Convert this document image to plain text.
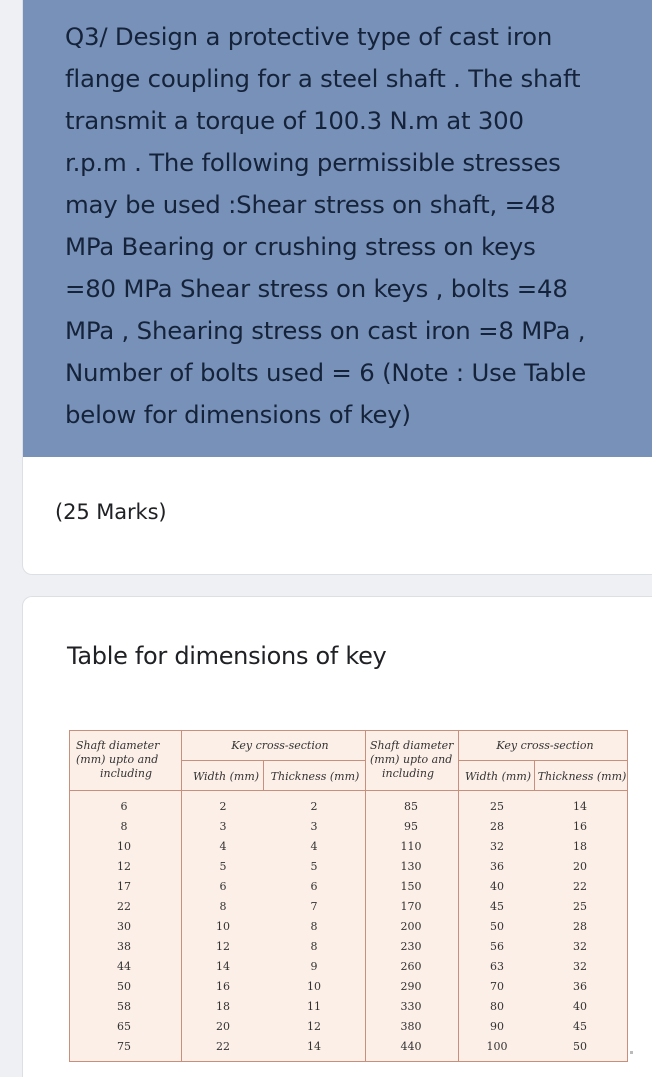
Q3/ Design a protective type of cast iron
flange coupling for a steel shaft . The shaft
transmit a torque of 100.3 N.m at 300
r.p.m . The following permissible stresses
may be used :Shear stress on shaft, =48
MPa Bearing or crushing stress on keys
=80 MPa Shear stress on keys , bolts =48
MPa , Shearing stress on cast iron =8 MPa ,
Number of bolts used = 6 (Note : Use Table
below for dimensions of key)
(25 Marks)
Table for dimensions of key
Shaft diameter
(mm) upto and
including
Key cross-section
Width (mm)	Thickness (mm)
Shaft diameter
(mm) upto and
including
Key cross-section
Width (mm) Thickness (mm)
6
8
10
12
17
22
30
38
44
50
58
65
75
2
3
4
5
6
8
10
12
14
16
18
20
22
2
3
4
5
6
7
8
8
9
10
11
12
14
85
95
110
130
150
170
200
230
260
290
330
380
440
25
28
32
36
40
45
50
56
63
70
80
90
100
14
16
18
20
22
25
28
32
32
36
40
45
50
